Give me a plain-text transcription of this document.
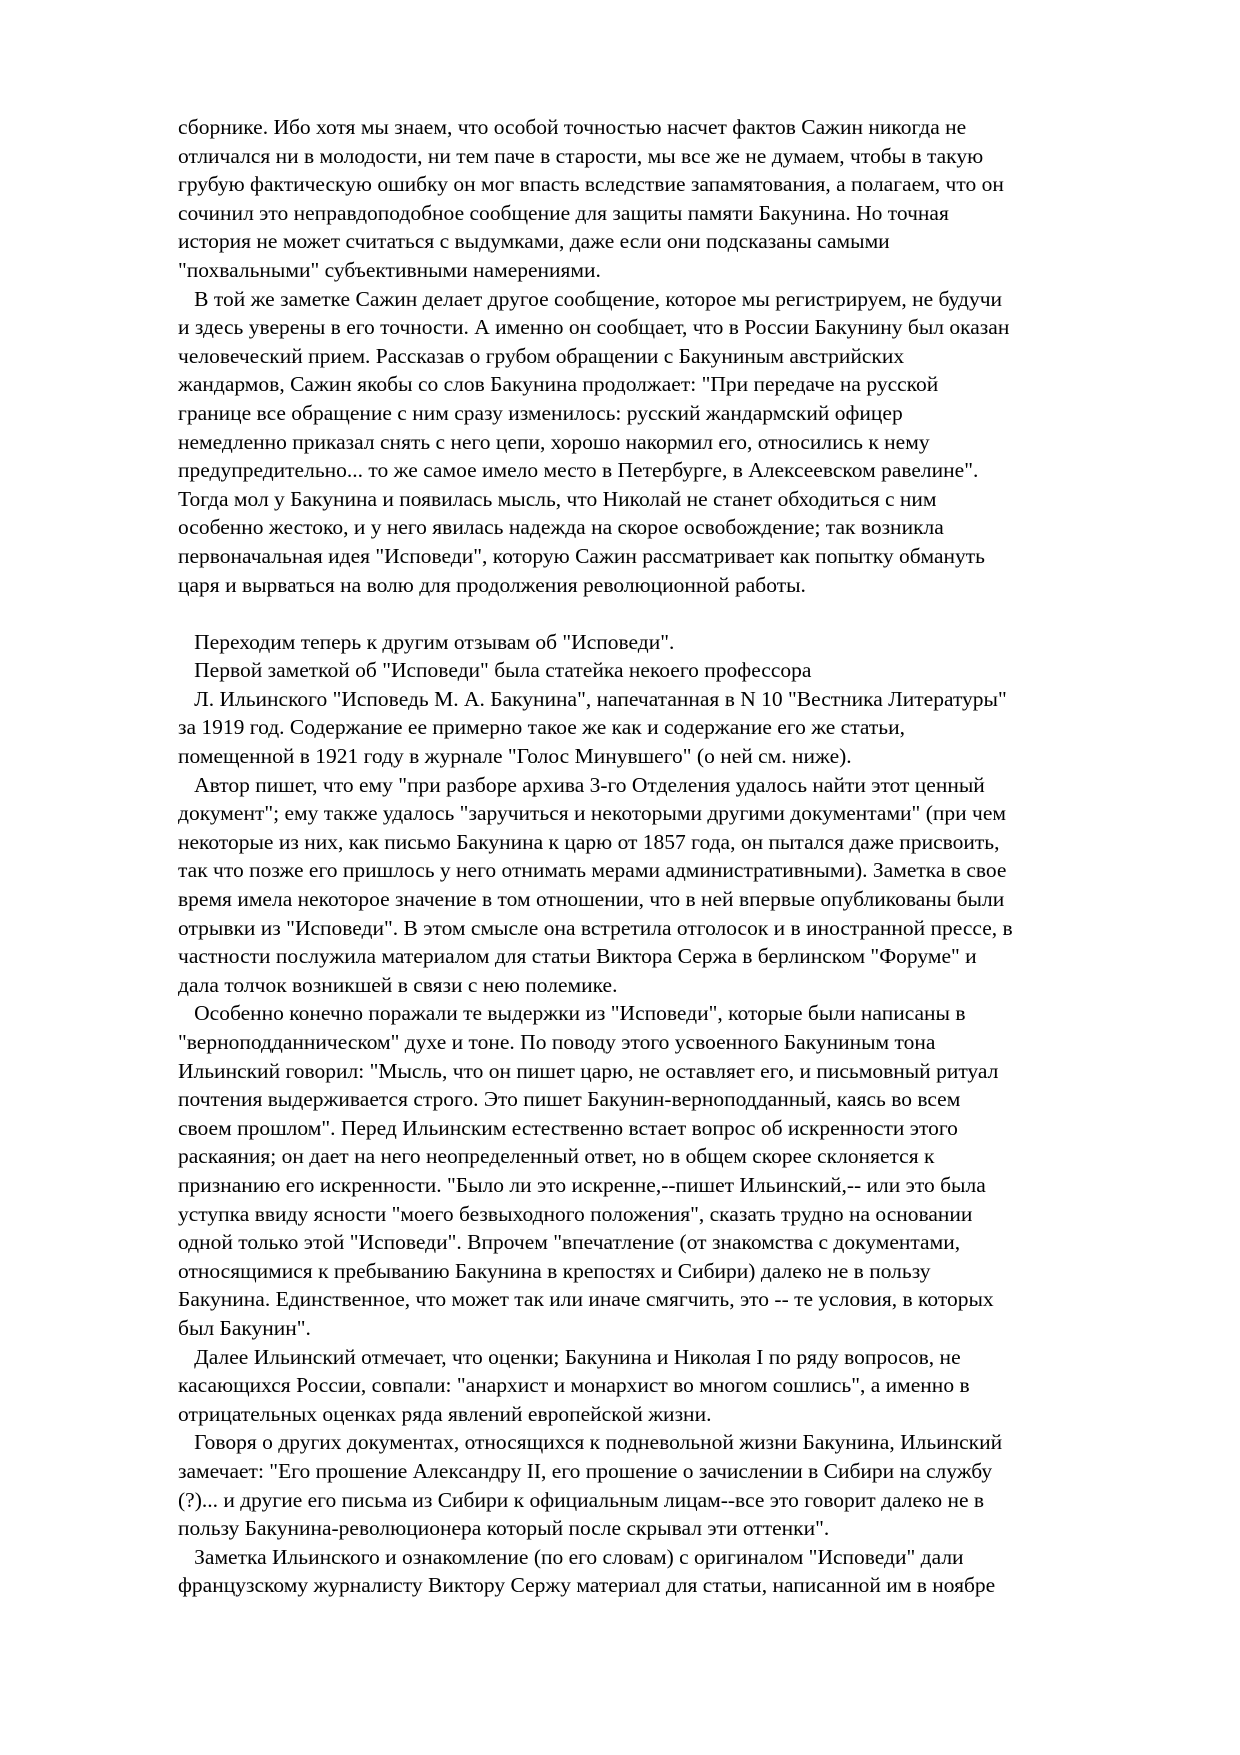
сборнике. Ибо хотя мы знаем, что особой точностью насчет фактов Сажин никогда не
отличался ни в молодости, ни тем паче в старости, мы все же не думаем, чтобы в такую
грубую фактическую ошибку он мог впасть вследствие запамятования, а полагаем, что он
сочинил это неправдоподобное сообщение для защиты памяти Бакунина. Но точная
история не может считаться с выдумками, даже если они подсказаны самыми
"похвальными" субъективными намерениями.
В той же заметке Сажин делает другое сообщение, которое мы регистрируем, не будучи
и здесь уверены в его точности. А именно он сообщает, что в России Бакунину был оказан
человеческий прием. Рассказав о грубом обращении с Бакуниным австрийских
жандармов, Сажин якобы со слов Бакунина продолжает: "При передаче на русской
границе все обращение с ним сразу изменилось: русский жандармский офицер
немедленно приказал снять с него цепи, хорошо накормил его, относились к нему
предупредительно... то же самое имело место в Петербурге, в Алексеевском равелине".
Тогда мол у Бакунина и появилась мысль, что Николай не станет обходиться с ним
особенно жестоко, и у него явилась надежда на скорое освобождение; так возникла
первоначальная идея "Исповеди", которую Сажин рассматривает как попытку обмануть
царя и вырваться на волю для продолжения революционной работы.
Переходим теперь к другим отзывам об "Исповеди".
Первой заметкой об "Исповеди" была статейка некоего профессора
Л. Ильинского "Исповедь М. А. Бакунина", напечатанная в N 10 "Вестника Литературы"
за 1919 год. Содержание ее примерно такое же как и содержание его же статьи,
помещенной в 1921 году в журнале "Голос Минувшего" (о ней см. ниже).
Автор пишет, что ему "при разборе архива 3-го Отделения удалось найти этот ценный
документ"; ему также удалось "заручиться и некоторыми другими документами" (при чем
некоторые из них, как письмо Бакунина к царю от 1857 года, он пытался даже присвоить,
так что позже его пришлось у него отнимать мерами административными). Заметка в свое
время имела некоторое значение в том отношении, что в ней впервые опубликованы были
отрывки из "Исповеди". В этом смысле она встретила отголосок и в иностранной прессе, в
частности послужила материалом для статьи Виктора Сержа в берлинском "Форуме" и
дала толчок возникшей в связи с нею полемике.
Особенно конечно поражали те выдержки из "Исповеди", которые были написаны в
"верноподданническом" духе и тоне. По поводу этого усвоенного Бакуниным тона
Ильинский говорил: "Мысль, что он пишет царю, не оставляет его, и письмовный ритуал
почтения выдерживается строго. Это пишет Бакунин-верноподданный, каясь во всем
своем прошлом". Перед Ильинским естественно встает вопрос об искренности этого
раскаяния; он дает на него неопределенный ответ, но в общем скорее склоняется к
признанию его искренности. "Было ли это искренне,--пишет Ильинский,-- или это была
уступка ввиду ясности "моего безвыходного положения", сказать трудно на основании
одной только этой "Исповеди". Впрочем "впечатление (от знакомства с документами,
относящимися к пребыванию Бакунина в крепостях и Сибири) далеко не в пользу
Бакунина. Единственное, что может так или иначе смягчить, это -- те условия, в которых
был Бакунин".
Далее Ильинский отмечает, что оценки; Бакунина и Николая I по ряду вопросов, не
касающихся России, совпали: "анархист и монархист во многом сошлись", а именно в
отрицательных оценках ряда явлений европейской жизни.
Говоря о других документах, относящихся к подневольной жизни Бакунина, Ильинский
замечает: "Его прошение Александру II, его прошение о зачислении в Сибири на службу
(?)... и другие его письма из Сибири к официальным лицам--все это говорит далеко не в
пользу Бакунина-революционера который после скрывал эти оттенки".
Заметка Ильинского и ознакомление (по его словам) с оригиналом "Исповеди" дали
французскому журналисту Виктору Сержу материал для статьи, написанной им в ноябре
